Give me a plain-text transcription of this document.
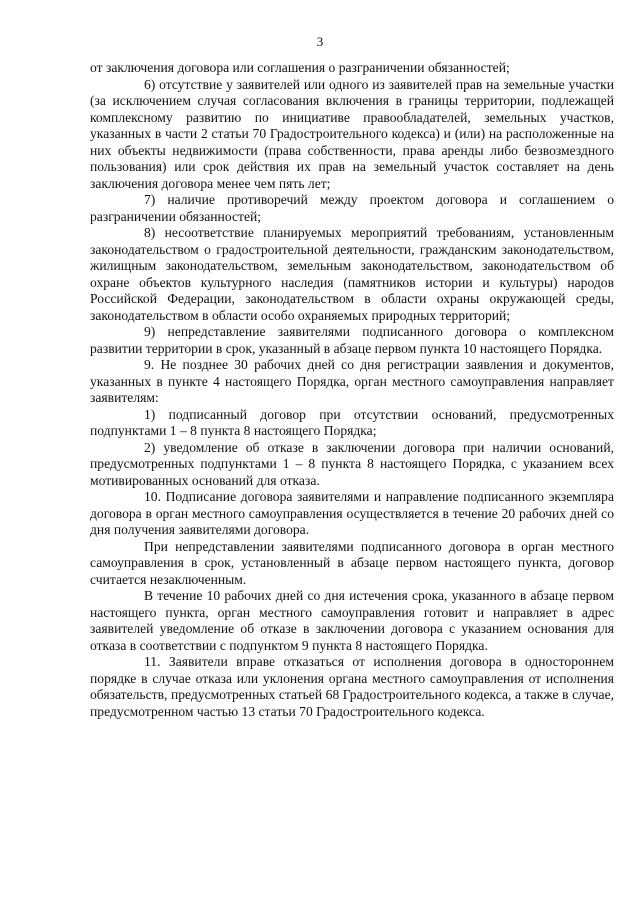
3

от заключения договора или соглашения о разграничении обязанностей;

6) отсутствие у заявителей или одного из заявителей прав на земельные участки (за исключением случая согласования включения в границы территории, подлежащей комплексному развитию по инициативе правообладателей, земельных участков, указанных в части 2 статьи 70 Градостроительного кодекса) и (или) на расположенные на них объекты недвижимости (права собственности, права аренды либо безвозмездного пользования) или срок действия их прав на земельный участок составляет на день заключения договора менее чем пять лет;

7) наличие противоречий между проектом договора и соглашением о разграничении обязанностей;

8) несоответствие планируемых мероприятий требованиям, установленным законодательством о градостроительной деятельности, гражданским законодательством, жилищным законодательством, земельным законодательством, законодательством об охране объектов культурного наследия (памятников истории и культуры) народов Российской Федерации, законодательством в области охраны окружающей среды, законодательством в области особо охраняемых природных территорий;

9) непредставление заявителями подписанного договора о комплексном развитии территории в срок, указанный в абзаце первом пункта 10 настоящего Порядка.

9. Не позднее 30 рабочих дней со дня регистрации заявления и документов, указанных в пункте 4 настоящего Порядка, орган местного самоуправления направляет заявителям:

1) подписанный договор при отсутствии оснований, предусмотренных подпунктами 1 – 8 пункта 8 настоящего Порядка;

2) уведомление об отказе в заключении договора при наличии оснований, предусмотренных подпунктами 1 – 8 пункта 8 настоящего Порядка, с указанием всех мотивированных оснований для отказа.

10. Подписание договора заявителями и направление подписанного экземпляра договора в орган местного самоуправления осуществляется в течение 20 рабочих дней со дня получения заявителями договора.

При непредставлении заявителями подписанного договора в орган местного самоуправления в срок, установленный в абзаце первом настоящего пункта, договор считается незаключенным.

В течение 10 рабочих дней со дня истечения срока, указанного в абзаце первом настоящего пункта, орган местного самоуправления готовит и направляет в адрес заявителей уведомление об отказе в заключении договора с указанием основания для отказа в соответствии с подпунктом 9 пункта 8 настоящего Порядка.

11. Заявители вправе отказаться от исполнения договора в одностороннем порядке в случае отказа или уклонения органа местного самоуправления от исполнения обязательств, предусмотренных статьей 68 Градостроительного кодекса, а также в случае, предусмотренном частью 13 статьи 70 Градостроительного кодекса.
